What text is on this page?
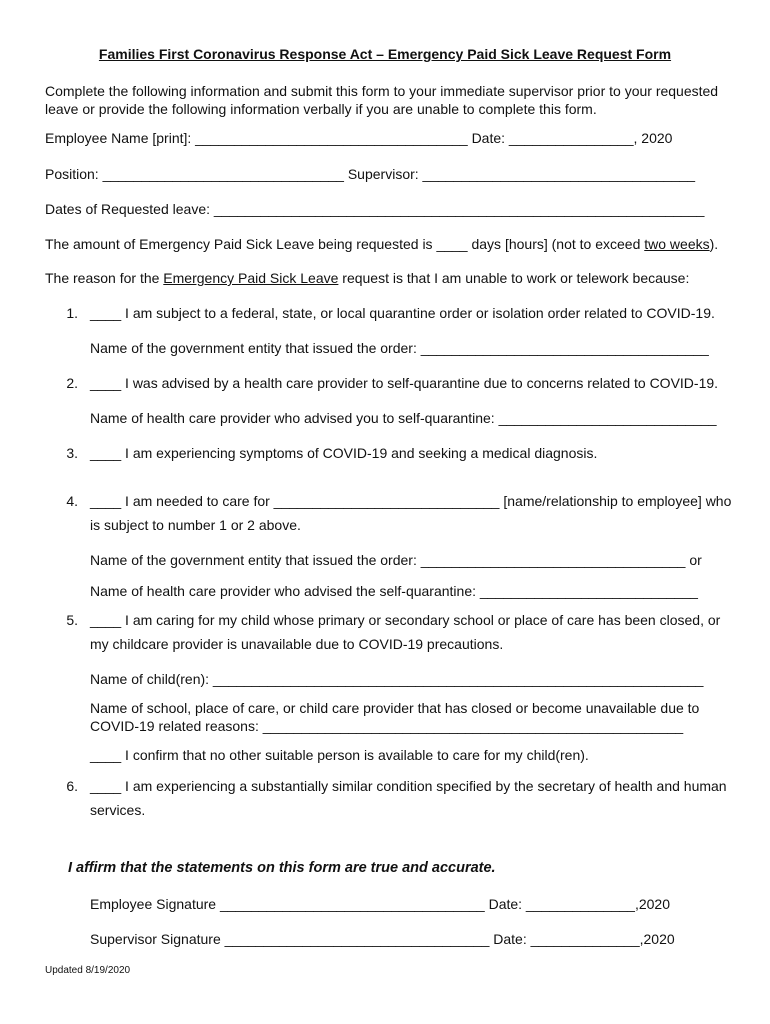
Families First Coronavirus Response Act – Emergency Paid Sick Leave Request Form
Complete the following information and submit this form to your immediate supervisor prior to your requested
leave or provide the following information verbally if you are unable to complete this form.
Employee Name [print]: ___________________________________ Date: ________________, 2020
Position: _______________________________ Supervisor: ___________________________________
Dates of Requested leave: _______________________________________________________________
The amount of Emergency Paid Sick Leave being requested is ____ days [hours] (not to exceed two weeks).
The reason for the Emergency Paid Sick Leave request is that I am unable to work or telework because:
1. ____ I am subject to a federal, state, or local quarantine order or isolation order related to COVID-19.
Name of the government entity that issued the order: _____________________________________
2. ____ I was advised by a health care provider to self-quarantine due to concerns related to COVID-19.
Name of health care provider who advised you to self-quarantine: ____________________________
3. ____ I am experiencing symptoms of COVID-19 and seeking a medical diagnosis.
4. ____ I am needed to care for _____________________________ [name/relationship to employee] who
is subject to number 1 or 2 above.
Name of the government entity that issued the order: __________________________________ or
Name of health care provider who advised the self-quarantine: ____________________________
5. ____ I am caring for my child whose primary or secondary school or place of care has been closed, or
my childcare provider is unavailable due to COVID-19 precautions.
Name of child(ren): _______________________________________________________________
Name of school, place of care, or child care provider that has closed or become unavailable due to
COVID-19 related reasons: ______________________________________________________
____ I confirm that no other suitable person is available to care for my child(ren).
6. ____ I am experiencing a substantially similar condition specified by the secretary of health and human
services.
I affirm that the statements on this form are true and accurate.
Employee Signature __________________________________ Date: ______________,2020
Supervisor Signature __________________________________ Date: ______________,2020
Updated 8/19/2020
